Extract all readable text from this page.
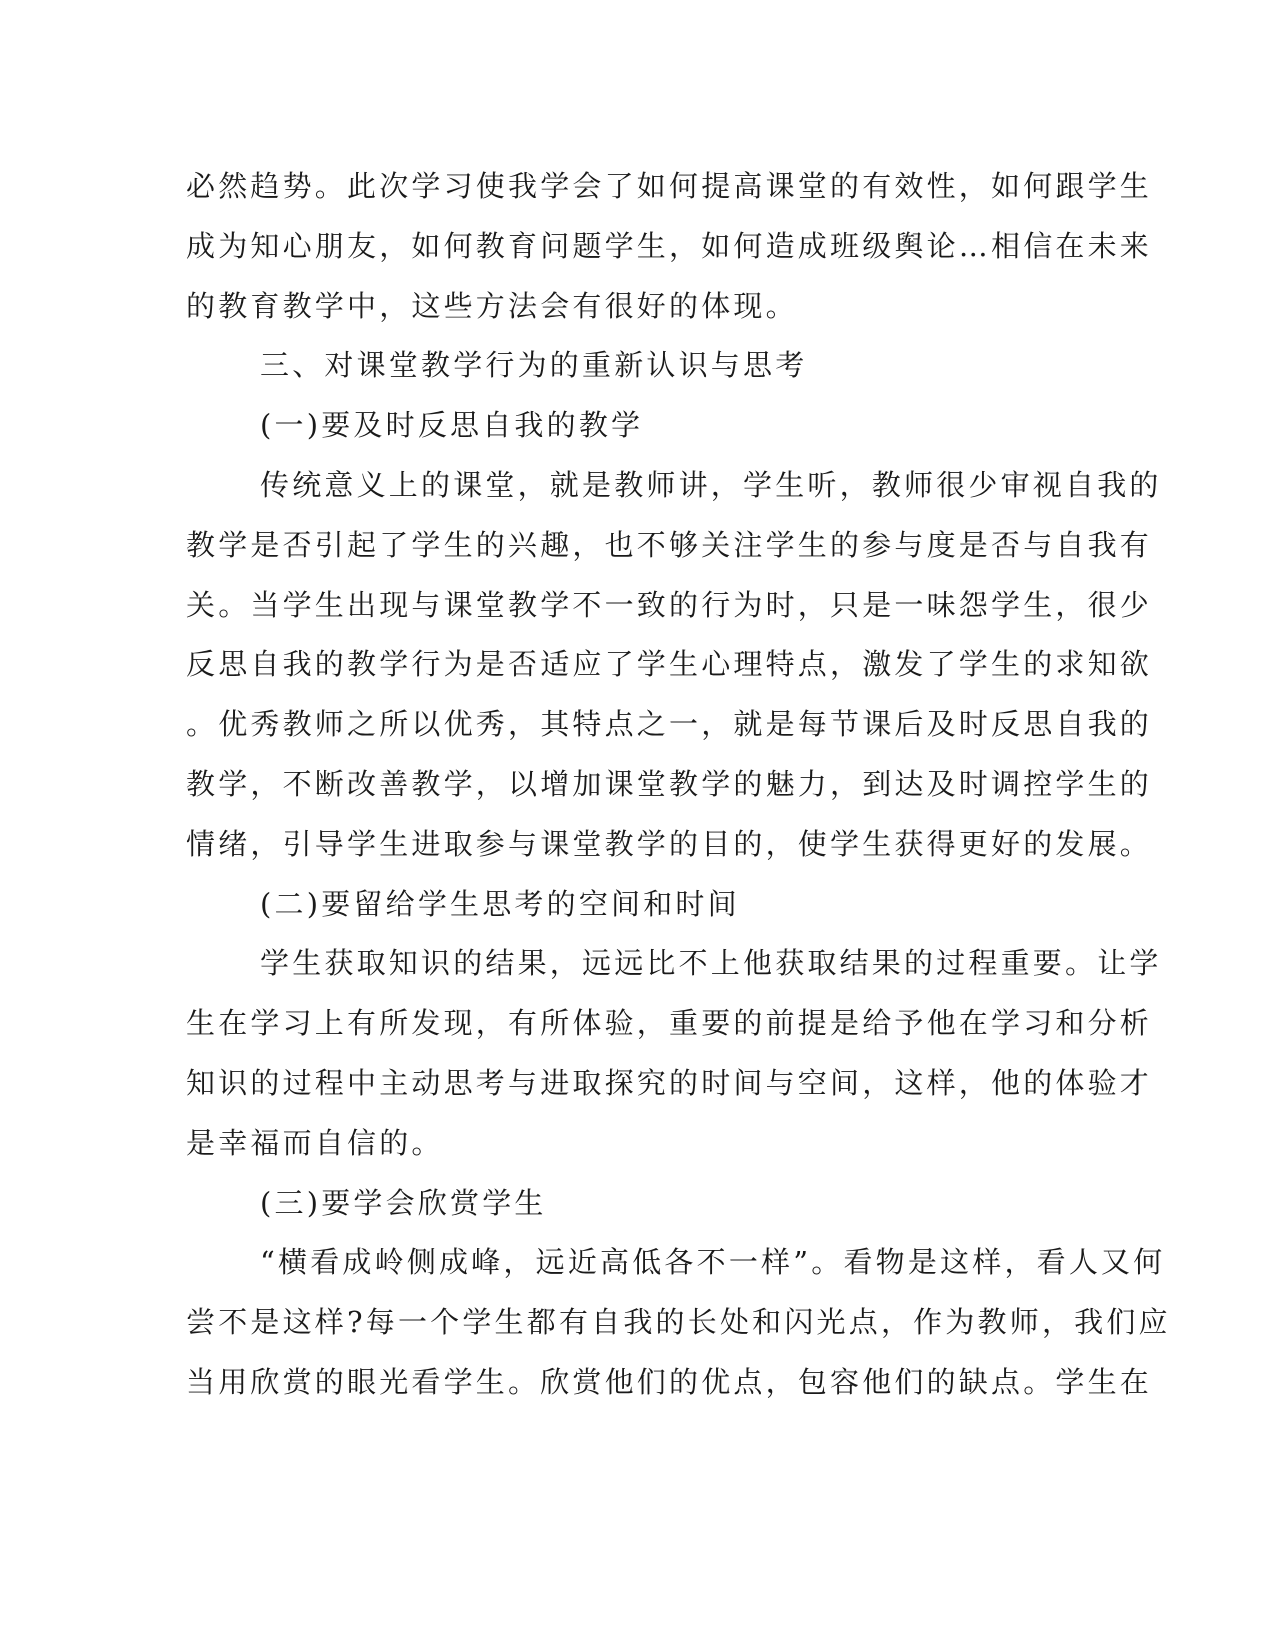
必然趋势。此次学习使我学会了如何提高课堂的有效性，如何跟学生
成为知心朋友，如何教育问题学生，如何造成班级舆论…相信在未来
的教育教学中，这些方法会有很好的体现。
三、对课堂教学行为的重新认识与思考
(一)要及时反思自我的教学
传统意义上的课堂，就是教师讲，学生听，教师很少审视自我的
教学是否引起了学生的兴趣，也不够关注学生的参与度是否与自我有
关。当学生出现与课堂教学不一致的行为时，只是一味怨学生，很少
反思自我的教学行为是否适应了学生心理特点，激发了学生的求知欲
。优秀教师之所以优秀，其特点之一，就是每节课后及时反思自我的
教学，不断改善教学，以增加课堂教学的魅力，到达及时调控学生的
情绪，引导学生进取参与课堂教学的目的，使学生获得更好的发展。
(二)要留给学生思考的空间和时间
学生获取知识的结果，远远比不上他获取结果的过程重要。让学
生在学习上有所发现，有所体验，重要的前提是给予他在学习和分析
知识的过程中主动思考与进取探究的时间与空间，这样，他的体验才
是幸福而自信的。
(三)要学会欣赏学生
“横看成岭侧成峰，远近高低各不一样”。看物是这样，看人又何
尝不是这样?每一个学生都有自我的长处和闪光点，作为教师，我们应
当用欣赏的眼光看学生。欣赏他们的优点，包容他们的缺点。学生在
